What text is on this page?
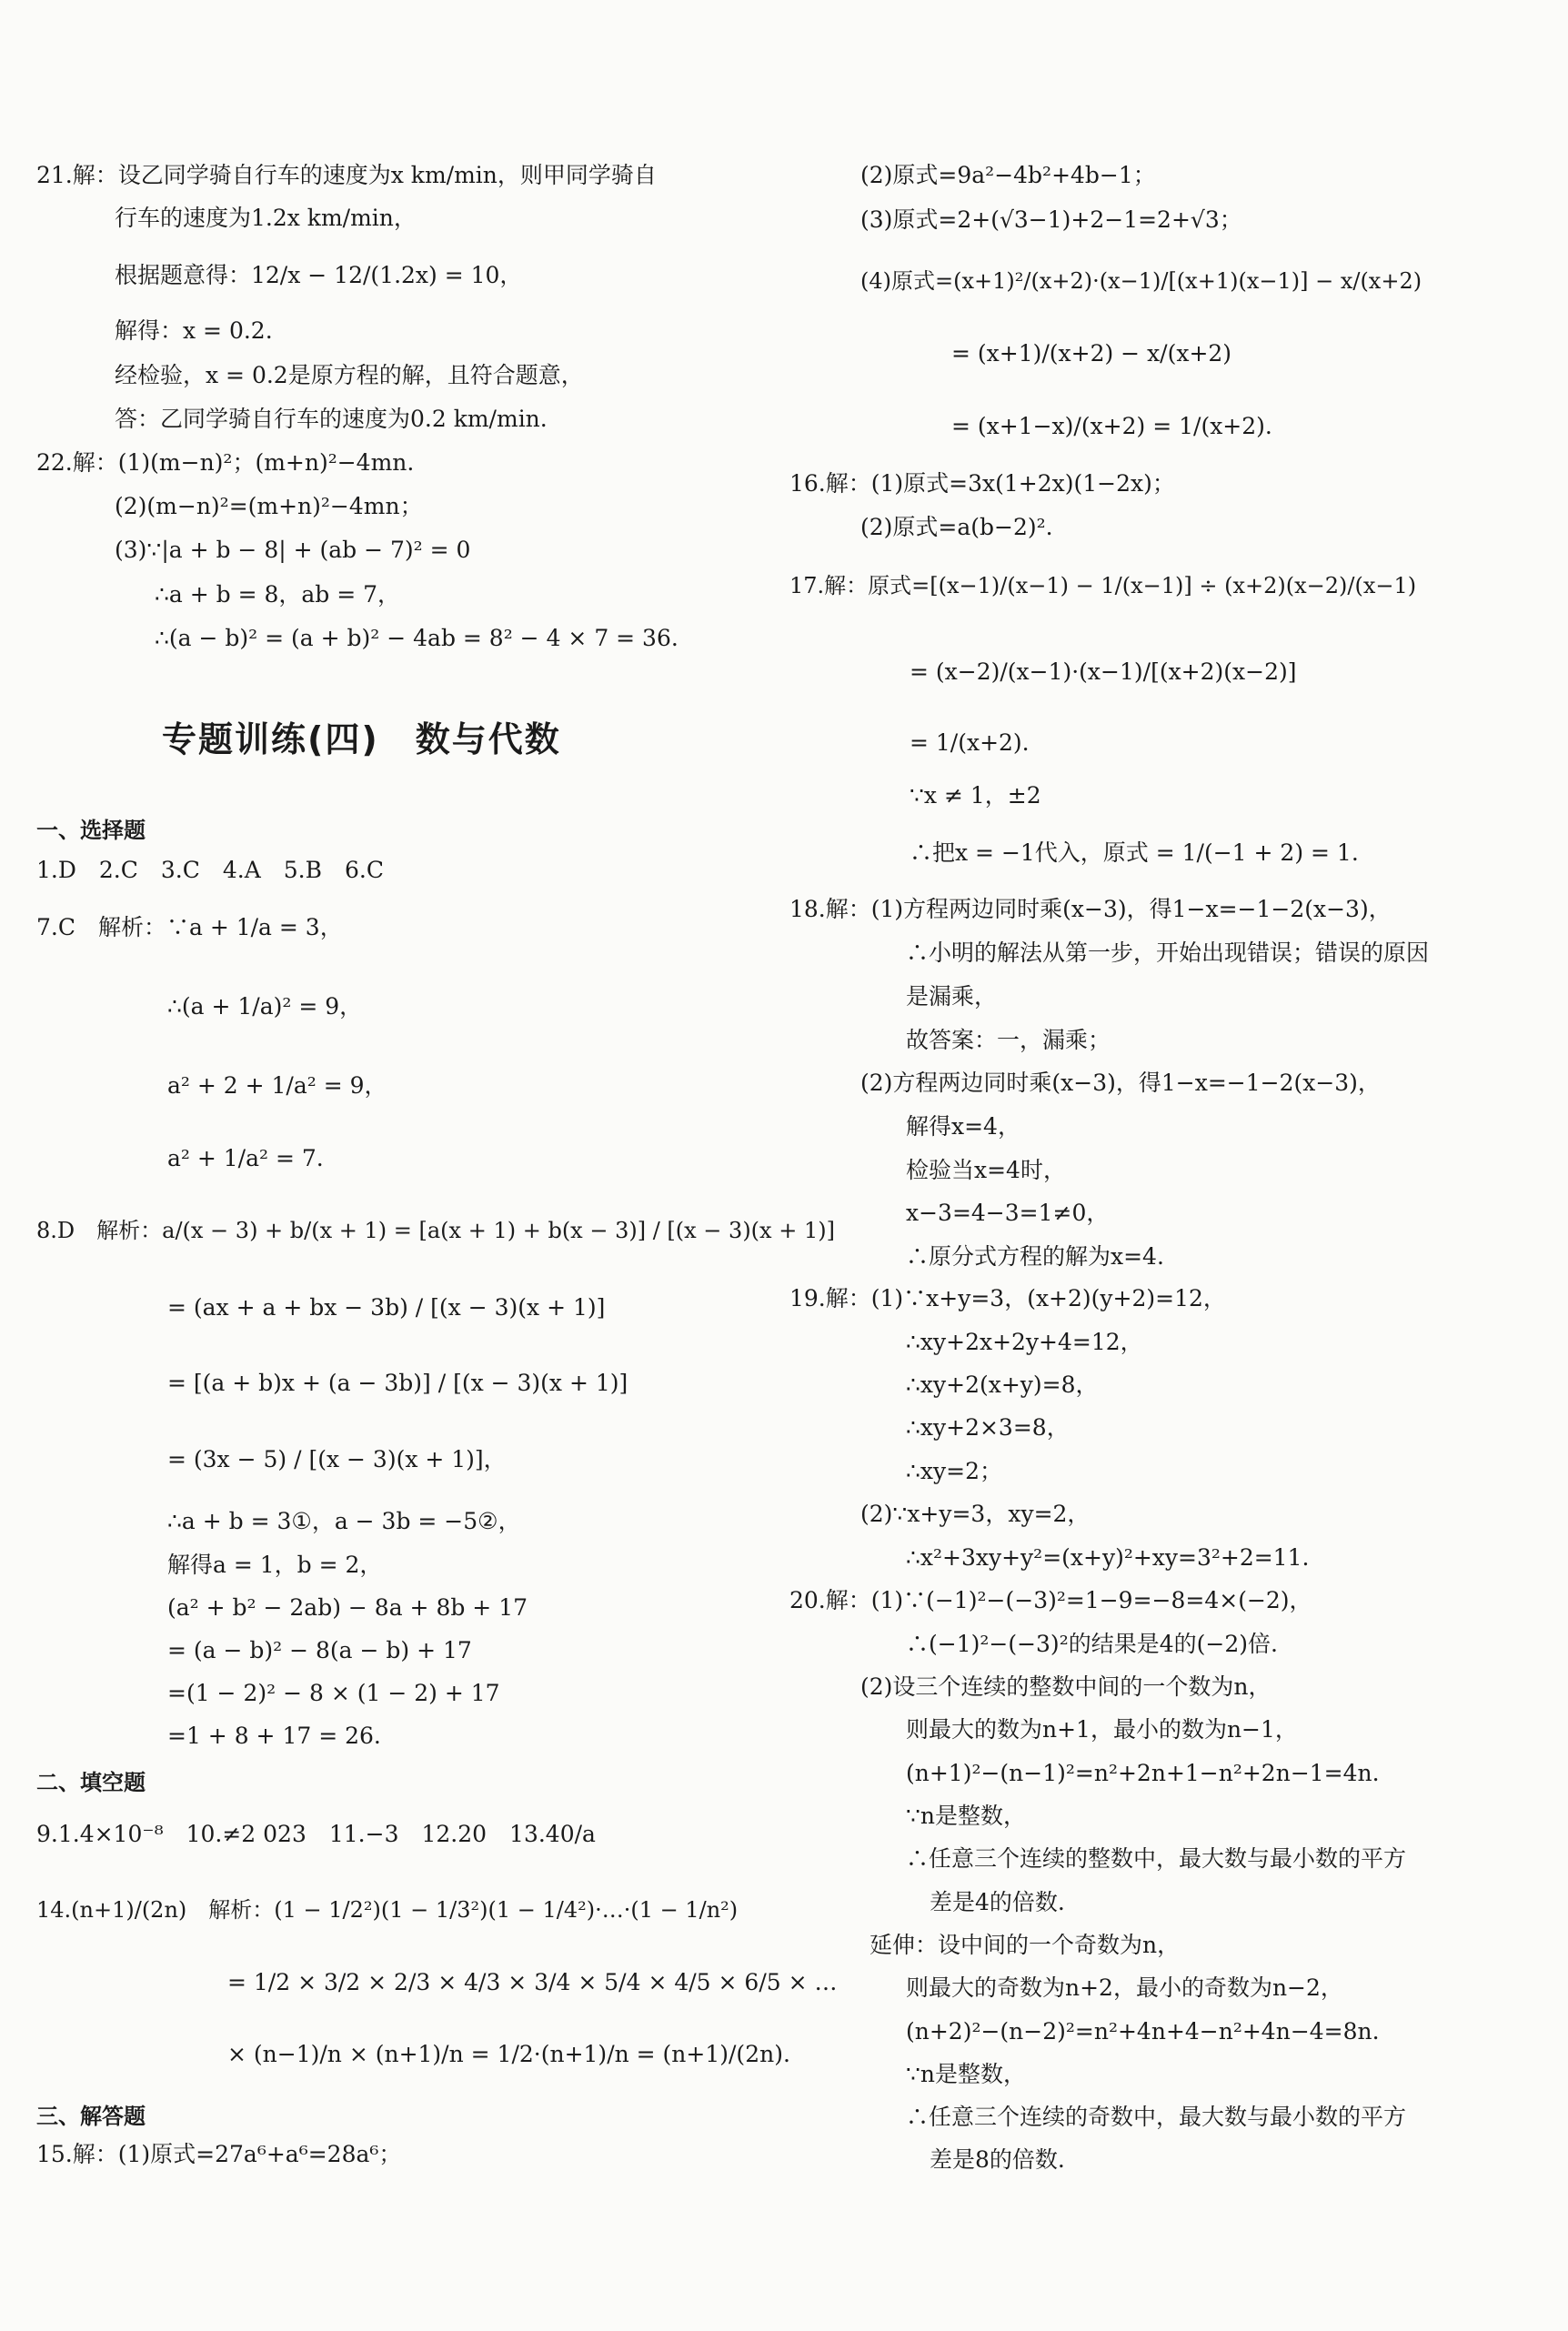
21.解：设乙同学骑自行车的速度为x km/min，则甲同学骑自
行车的速度为1.2x km/min，
根据题意得：12/x − 12/(1.2x) = 10，
解得：x = 0.2.
经检验，x = 0.2是原方程的解，且符合题意，
答：乙同学骑自行车的速度为0.2 km/min.
22.解：(1)(m−n)²；(m+n)²−4mn.
(2)(m−n)²=(m+n)²−4mn；
(3)∵|a + b − 8| + (ab − 7)² = 0
∴a + b = 8，ab = 7，
∴(a − b)² = (a + b)² − 4ab = 8² − 4 × 7 = 36.
专题训练(四)　数与代数
一、选择题
1.D　2.C　3.C　4.A　5.B　6.C
7.C　解析：∵a + 1/a = 3，
∴(a + 1/a)² = 9，
a² + 2 + 1/a² = 9，
a² + 1/a² = 7.
8.D　解析：a/(x − 3) + b/(x + 1) = [a(x + 1) + b(x − 3)] / [(x − 3)(x + 1)]
= (ax + a + bx − 3b) / [(x − 3)(x + 1)]
= [(a + b)x + (a − 3b)] / [(x − 3)(x + 1)]
= (3x − 5) / [(x − 3)(x + 1)]，
∴a + b = 3①，a − 3b = −5②，
解得a = 1，b = 2，
(a² + b² − 2ab) − 8a + 8b + 17
= (a − b)² − 8(a − b) + 17
=(1 − 2)² − 8 × (1 − 2) + 17
=1 + 8 + 17 = 26.
二、填空题
9.1.4×10⁻⁸　10.≠2 023　11.−3　12.20　13.40/a
14.(n+1)/(2n)　解析：(1 − 1/2²)(1 − 1/3²)(1 − 1/4²)·…·(1 − 1/n²)
= 1/2 × 3/2 × 2/3 × 4/3 × 3/4 × 5/4 × 4/5 × 6/5 × …
× (n−1)/n × (n+1)/n = 1/2·(n+1)/n = (n+1)/(2n).
三、解答题
15.解：(1)原式=27a⁶+a⁶=28a⁶；
(2)原式=9a²−4b²+4b−1；
(3)原式=2+(√3−1)+2−1=2+√3；
(4)原式=(x+1)²/(x+2)·(x−1)/[(x+1)(x−1)] − x/(x+2)
= (x+1)/(x+2) − x/(x+2)
= (x+1−x)/(x+2) = 1/(x+2).
16.解：(1)原式=3x(1+2x)(1−2x)；
(2)原式=a(b−2)².
17.解：原式=[(x−1)/(x−1) − 1/(x−1)] ÷ (x+2)(x−2)/(x−1)
= (x−2)/(x−1)·(x−1)/[(x+2)(x−2)]
= 1/(x+2).
∵x ≠ 1，±2
∴把x = −1代入，原式 = 1/(−1 + 2) = 1.
18.解：(1)方程两边同时乘(x−3)，得1−x=−1−2(x−3)，
∴小明的解法从第一步，开始出现错误；错误的原因
是漏乘，
故答案：一，漏乘；
(2)方程两边同时乘(x−3)，得1−x=−1−2(x−3)，
解得x=4，
检验当x=4时，
x−3=4−3=1≠0，
∴原分式方程的解为x=4.
19.解：(1)∵x+y=3，(x+2)(y+2)=12，
∴xy+2x+2y+4=12，
∴xy+2(x+y)=8，
∴xy+2×3=8，
∴xy=2；
(2)∵x+y=3，xy=2，
∴x²+3xy+y²=(x+y)²+xy=3²+2=11.
20.解：(1)∵(−1)²−(−3)²=1−9=−8=4×(−2)，
∴(−1)²−(−3)²的结果是4的(−2)倍.
(2)设三个连续的整数中间的一个数为n，
则最大的数为n+1，最小的数为n−1，
(n+1)²−(n−1)²=n²+2n+1−n²+2n−1=4n.
∵n是整数，
∴任意三个连续的整数中，最大数与最小数的平方
差是4的倍数.
延伸：设中间的一个奇数为n，
则最大的奇数为n+2，最小的奇数为n−2，
(n+2)²−(n−2)²=n²+4n+4−n²+4n−4=8n.
∵n是整数，
∴任意三个连续的奇数中，最大数与最小数的平方
差是8的倍数.
